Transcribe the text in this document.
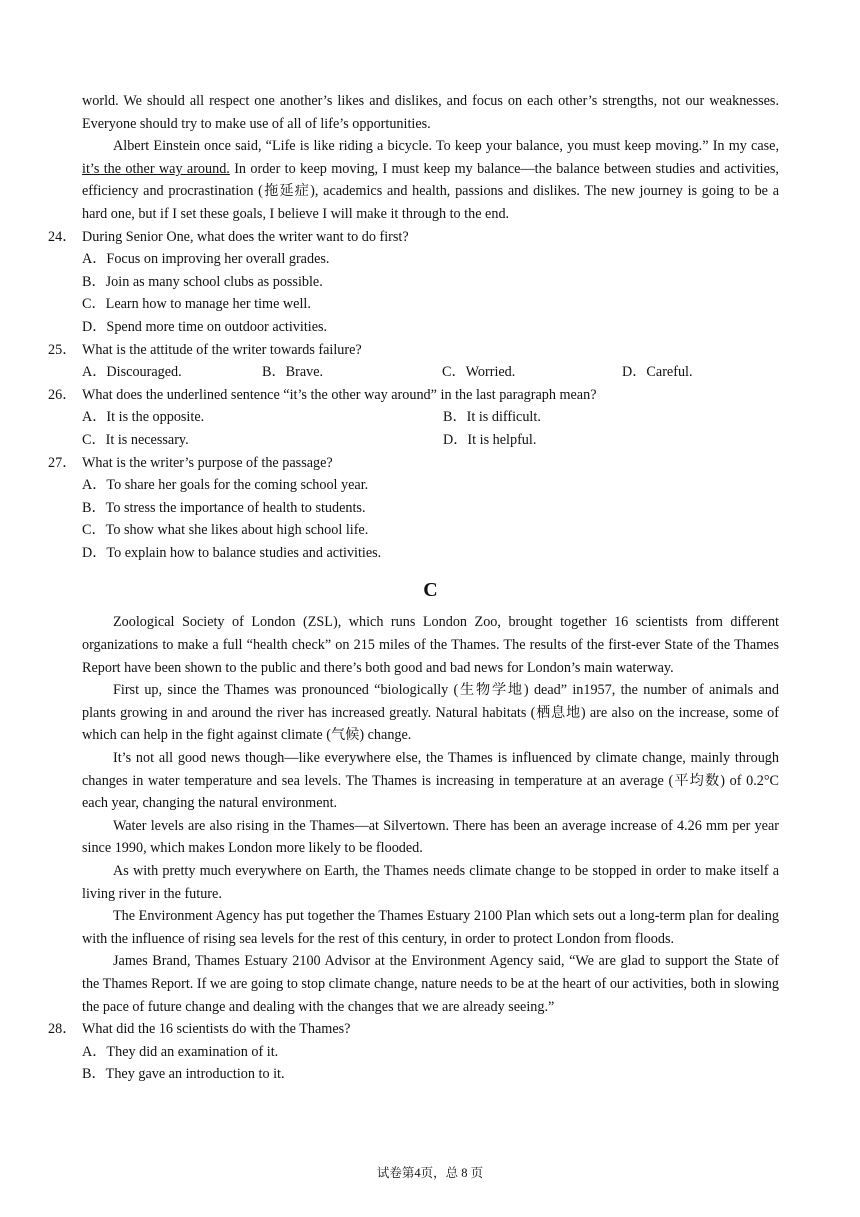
world. We should all respect one another’s likes and dislikes, and focus on each other’s strengths, not our weaknesses. Everyone should try to make use of all of life’s opportunities.

Albert Einstein once said, “Life is like riding a bicycle. To keep your balance, you must keep moving.” In my case, it’s the other way around. In order to keep moving, I must keep my balance—the balance between studies and activities, efficiency and procrastination (拖延症), academics and health, passions and dislikes. The new journey is going to be a hard one, but if I set these goals, I believe I will make it through to the end.

24． During Senior One, what does the writer want to do first?
A．Focus on improving her overall grades.
B．Join as many school clubs as possible.
C．Learn how to manage her time well.
D．Spend more time on outdoor activities.
25． What is the attitude of the writer towards failure?
A．Discouraged.	B．Brave.	C．Worried.	D．Careful.
26． What does the underlined sentence “it’s the other way around” in the last paragraph mean?
A．It is the opposite.	B．It is difficult.
C．It is necessary.	D．It is helpful.
27． What is the writer’s purpose of the passage?
A．To share her goals for the coming school year.
B．To stress the importance of health to students.
C．To show what she likes about high school life.
D．To explain how to balance studies and activities.
C

Zoological Society of London (ZSL), which runs London Zoo, brought together 16 scientists from different organizations to make a full “health check” on 215 miles of the Thames. The results of the first-ever State of the Thames Report have been shown to the public and there’s both good and bad news for London’s main waterway.

First up, since the Thames was pronounced “biologically (生物学地) dead” in1957, the number of animals and plants growing in and around the river has increased greatly. Natural habitats (栖息地) are also on the increase, some of which can help in the fight against climate (气候) change.

It’s not all good news though—like everywhere else, the Thames is influenced by climate change, mainly through changes in water temperature and sea levels. The Thames is increasing in temperature at an average (平均数) of 0.2°C each year, changing the natural environment.

Water levels are also rising in the Thames—at Silvertown. There has been an average increase of 4.26 mm per year since 1990, which makes London more likely to be flooded.

As with pretty much everywhere on Earth, the Thames needs climate change to be stopped in order to make itself a living river in the future.

The Environment Agency has put together the Thames Estuary 2100 Plan which sets out a long-term plan for dealing with the influence of rising sea levels for the rest of this century, in order to protect London from floods.

James Brand, Thames Estuary 2100 Advisor at the Environment Agency said, “We are glad to support the State of the Thames Report. If we are going to stop climate change, nature needs to be at the heart of our activities, both in slowing the pace of future change and dealing with the changes that we are already seeing.”

28． What did the 16 scientists do with the Thames?
A．They did an examination of it.
B．They gave an introduction to it.
试卷第4页，总 8 页
